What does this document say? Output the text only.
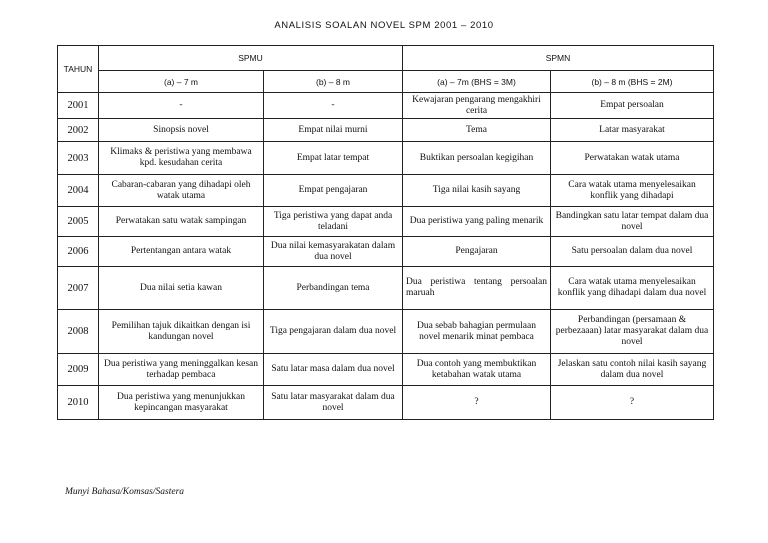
ANALISIS SOALAN NOVEL SPM 2001 – 2010
TAHUN	SPMU		SPMN	
	(a) – 7 m	(b) – 8 m	(a) – 7m (BHS = 3M)	(b) – 8 m (BHS = 2M)
2001	-	-	Kewajaran pengarang mengakhiri cerita	Empat persoalan
2002	Sinopsis novel	Empat nilai murni	Tema	Latar masyarakat
2003	Klimaks & peristiwa yang membawa kpd. kesudahan cerita	Empat latar tempat	Buktikan persoalan kegigihan	Perwatakan watak utama
2004	Cabaran-cabaran yang dihadapi oleh watak utama	Empat pengajaran	Tiga nilai kasih sayang	Cara watak utama menyelesaikan konflik yang dihadapi
2005	Perwatakan satu watak sampingan	Tiga peristiwa yang dapat anda teladani	Dua peristiwa yang paling menarik	Bandingkan satu latar tempat dalam dua novel
2006	Pertentangan antara watak	Dua nilai kemasyarakatan dalam dua novel	Pengajaran	Satu persoalan dalam dua novel
2007	Dua nilai setia kawan	Perbandingan tema	Dua peristiwa tentang persoalan maruah	Cara watak utama menyelesaikan konflik yang dihadapi dalam dua novel
2008	Pemilihan tajuk dikaitkan dengan isi kandungan novel	Tiga pengajaran dalam dua novel	Dua sebab bahagian permulaan novel menarik minat pembaca	Perbandingan (persamaan & perbezaaan) latar masyarakat dalam dua novel
2009	Dua peristiwa yang meninggalkan kesan terhadap pembaca	Satu latar masa dalam dua novel	Dua contoh yang membuktikan ketabahan watak utama	Jelaskan satu contoh nilai kasih sayang dalam dua novel
2010	Dua peristiwa yang menunjukkan kepincangan masyarakat	Satu latar masyarakat dalam dua novel	?	?
Munyi Bahasa/Komsas/Sastera
